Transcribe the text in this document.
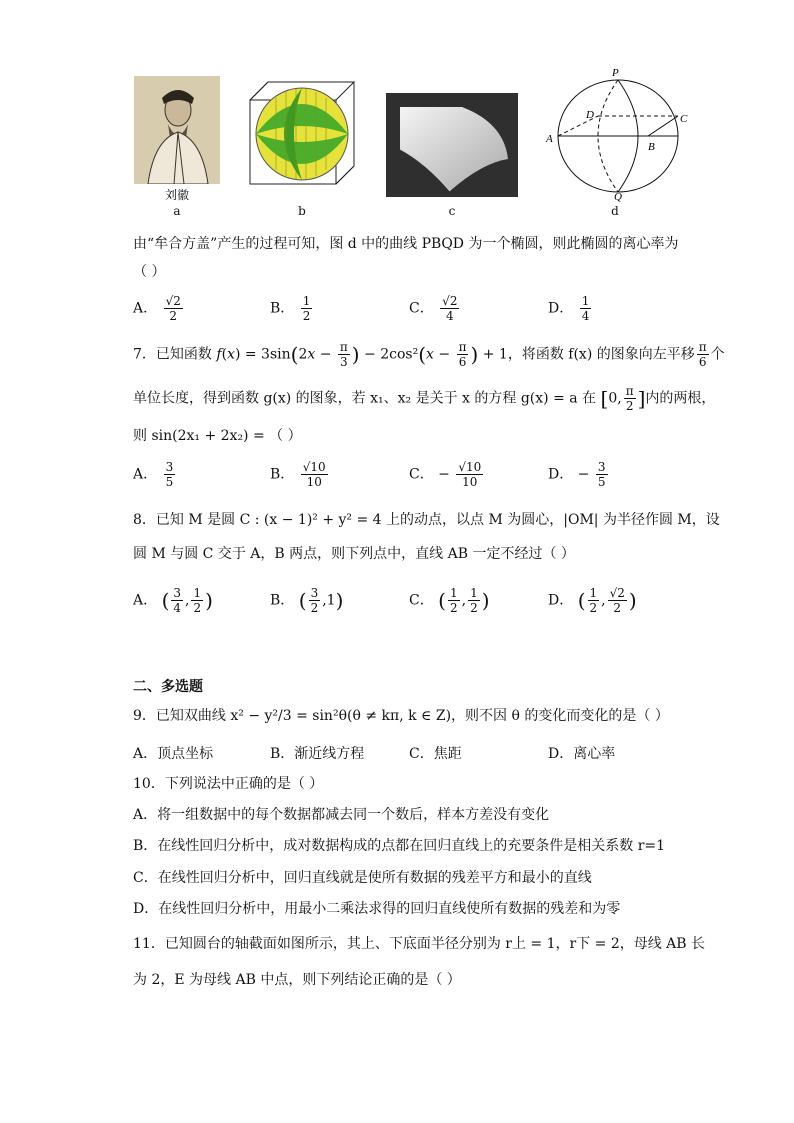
刘徽
a	b	c
P
A
B
C
D
Q
d
由“牟合方盖”产生的过程可知，图 d 中的曲线 PBQD 为一个椭圆，则此椭圆的离心率为
（ ）
A． $\frac{√2}{2}$	B． $\frac{1}{2}$	C． $\frac{√2}{4}$	D． $\frac{1}{4}$
7．已知函数 $f(x) = 3\sin(2x - \frac{\pi}{3}$ ) − $2\cos^2(x - \frac{\pi}{6}$ ) + 1，将函数 f(x) 的图象向左平移 $\frac{\pi}{6}$ 个
单位长度，得到函数 g(x) 的图象，若 x₁、x₂ 是关于 x 的方程 g(x) = a 在 [0, $\frac{\pi}{2}$ ]内的两根，
则 sin(2x₁ + 2x₂) = （ ）
A． $\frac{3}{5}$	B． $\frac{√10}{10}$	C． − $\frac{√10}{10}$	D． − $\frac{3}{5}$
8．已知 M 是圆 C : (x − 1)² + y² = 4 上的动点，以点 M 为圆心，|OM| 为半径作圆 M，设
圆 M 与圆 C 交于 A，B 两点，则下列点中，直线 AB 一定不经过（ ）
A． ( $\frac{3}{4}$ , $\frac{1}{2}$ )	B． ( $\frac{3}{2} ,1$)	C． ( $\frac{1}{2}$ , $\frac{1}{2}$ )	D． ( $\frac{1}{2}$ , $\frac{√2}{2}$ )
二、多选题
9．已知双曲线 x² − y²/3 = sin²θ(θ ≠ kπ, k ∈ Z)，则不因 θ 的变化而变化的是（ ）
A．顶点坐标	B．渐近线方程	C．焦距	D．离心率
10．下列说法中正确的是（ ）
A．将一组数据中的每个数据都减去同一个数后，样本方差没有变化
B．在线性回归分析中，成对数据构成的点都在回归直线上的充要条件是相关系数 r=1
C．在线性回归分析中，回归直线就是使所有数据的残差平方和最小的直线
D．在线性回归分析中，用最小二乘法求得的回归直线使所有数据的残差和为零
11．已知圆台的轴截面如图所示，其上、下底面半径分别为 r上 = 1，r下 = 2，母线 AB 长
为 2，E 为母线 AB 中点，则下列结论正确的是（ ）
